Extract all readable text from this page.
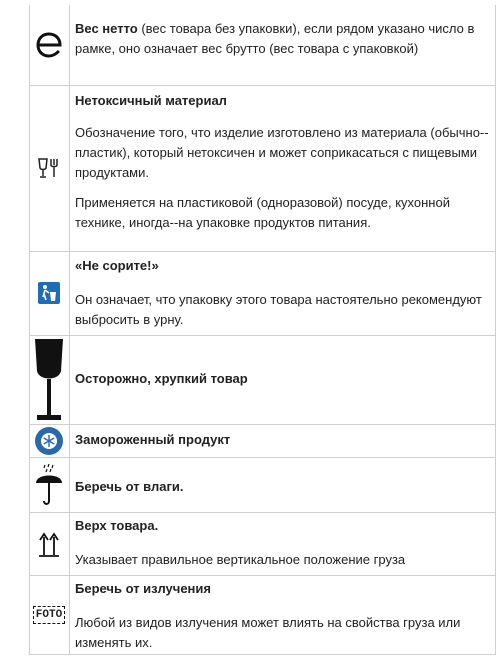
Вес нетто (вес товара без упаковки), если рядом указано число в рамке, оно означает вес брутто (вес товара с упаковкой)

Нетоксичный материал

Обозначение того, что изделие изготовлено из материала (обычно--пластик), который нетоксичен и может соприкасаться с пищевыми продуктами.

Применяется на пластиковой (одноразовой) посуде, кухонной технике, иногда--на упаковке продуктов питания.

«Не сорите!»

Он означает, что упаковку этого товара настоятельно рекомендуют выбросить в урну.

Осторожно, хрупкий товар

Замороженный продукт

Беречь от влаги.

Верх товара.

Указывает правильное вертикальное положение груза

FOTO

Беречь от излучения

Любой из видов излучения может влиять на свойства груза или изменять их.
